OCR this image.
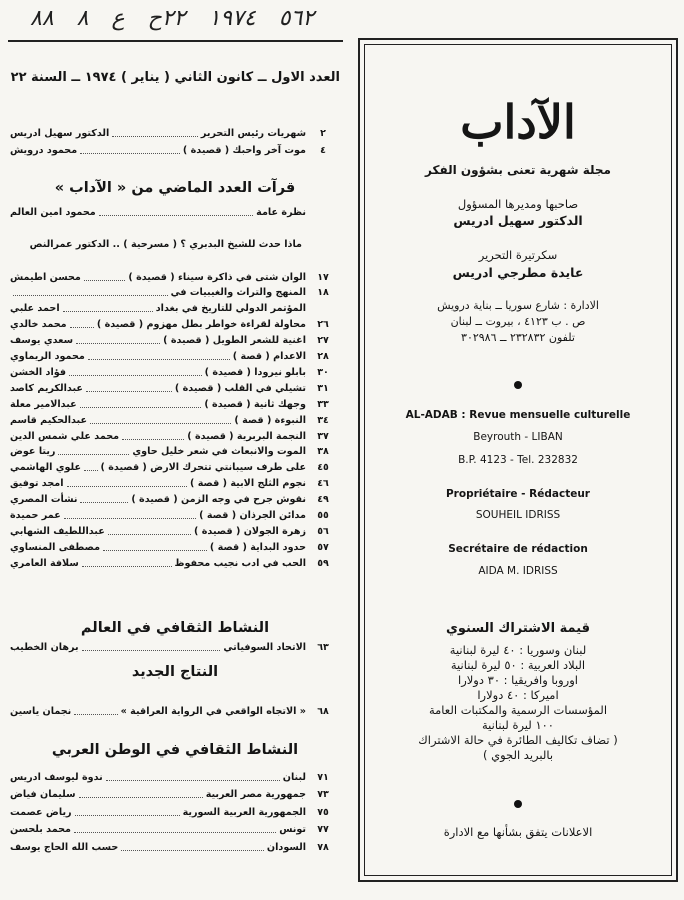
٨٨ ٨ ع ٢٢ح ١٩٧٤ ٥٦٢
العدد الاول ــ كانون الثاني ( يناير ) ١٩٧٤ ــ السنة ٢٢
٢
شهريات رئيس التحرير
الدكتور سهيل ادريس
٤
موت آخر واحبك ( قصيدة )
محمود درويش
قرآت العدد الماضي من « الآداب »
نظرة عامة
محمود امين العالم
ماذا حدث للشيخ البدبري ؟ ( مسرحية ) .. الدكتور عمرالنص
١٧
الوان شتى في ذاكرة سيناء ( قصيدة )
محسن اطيمش
١٨
المنهج والتراث والغيبيات في
المؤتمر الدولي للتاريخ في بغداد
احمد علبي
٢٦
محاولة لقراءة خواطر بطل مهزوم ( قصيدة )
محمد خالدي
٢٧
اغنية للشعر الطويل ( قصيدة )
سعدي يوسف
٢٨
الاعدام ( قصة )
محمود الريماوي
٣٠
بابلو نيرودا ( قصيدة )
فؤاد الخشن
٣١
تشيلي في القلب ( قصيدة )
عبدالكريم كاصد
٣٣
وجهك ثانية ( قصيدة )
عبدالامير معلة
٣٤
النبوءة ( قصة )
عبدالحكيم قاسم
٣٧
النجمة البربرية ( قصيدة )
محمد علي شمس الدين
٣٨
الموت والانبعاث في شعر خليل حاوي
ريتا عوض
٤٥
على طرف سيبانتي تتحرك الارض ( قصيدة )
علوي الهاشمي
٤٦
نجوم الثلج الابية ( قصة )
امجد توفيق
٤٩
نقوش جرح في وجه الزمن ( قصيدة )
نشأت المصري
٥٥
مدائن الجرذان ( قصة )
عمر حميدة
٥٦
زهرة الجولان ( قصيدة )
عبداللطيف الشهابي
٥٧
حدود البداية ( قصة )
مصطفى المنساوي
٥٩
الحب في ادب نجيب محفوظ
سلافة العامري
النشاط الثقافي في العالم
٦٣
الاتحاد السوفياتي
برهان الخطيب
النتاج الجديد
٦٨
« الاتجاه الواقعي في الرواية العراقية »
نجمان ياسين
النشاط الثقافي في الوطن العربي
٧١
لبنان
ندوة ليوسف ادريس
٧٣
جمهورية مصر العربية
سليمان فياض
٧٥
الجمهورية العربية السورية
رياض عصمت
٧٧
تونس
محمد بلحسن
٧٨
السودان
حسب الله الحاج يوسف
الآداب
مجلة شهرية تعنى بشؤون الفكر
صاحبها ومديرها المسؤول
الدكتور سهيل ادريس
سكرتيرة التحرير
عايدة مطرجي ادريس
الادارة : شارع سوريا ــ بناية درويش
ص . ب ٤١٢٣ ، بيروت ــ لبنان
تلفون ٢٣٢٨٣٢ ــ ٣٠٢٩٨٦
AL-ADAB : Revue mensuelle culturelle
Beyrouth - LIBAN
B.P. 4123 - Tel. 232832
Propriétaire - Rédacteur
SOUHEIL IDRISS
Secrétaire de rédaction
AIDA M. IDRISS
قيمة الاشتراك السنوي
لبنان وسوريا : ٤٠ ليرة لبنانية
البلاد العربية : ٥٠ ليرة لبنانية
اوروبا وافريقيا : ٣٠ دولارا
اميركا : ٤٠ دولارا
المؤسسات الرسمية والمكتبات العامة
١٠٠ ليرة لبنانية
( تضاف تكاليف الطائرة في حالة الاشتراك
بالبريد الجوي )
الاعلانات يتفق بشأنها مع الادارة
